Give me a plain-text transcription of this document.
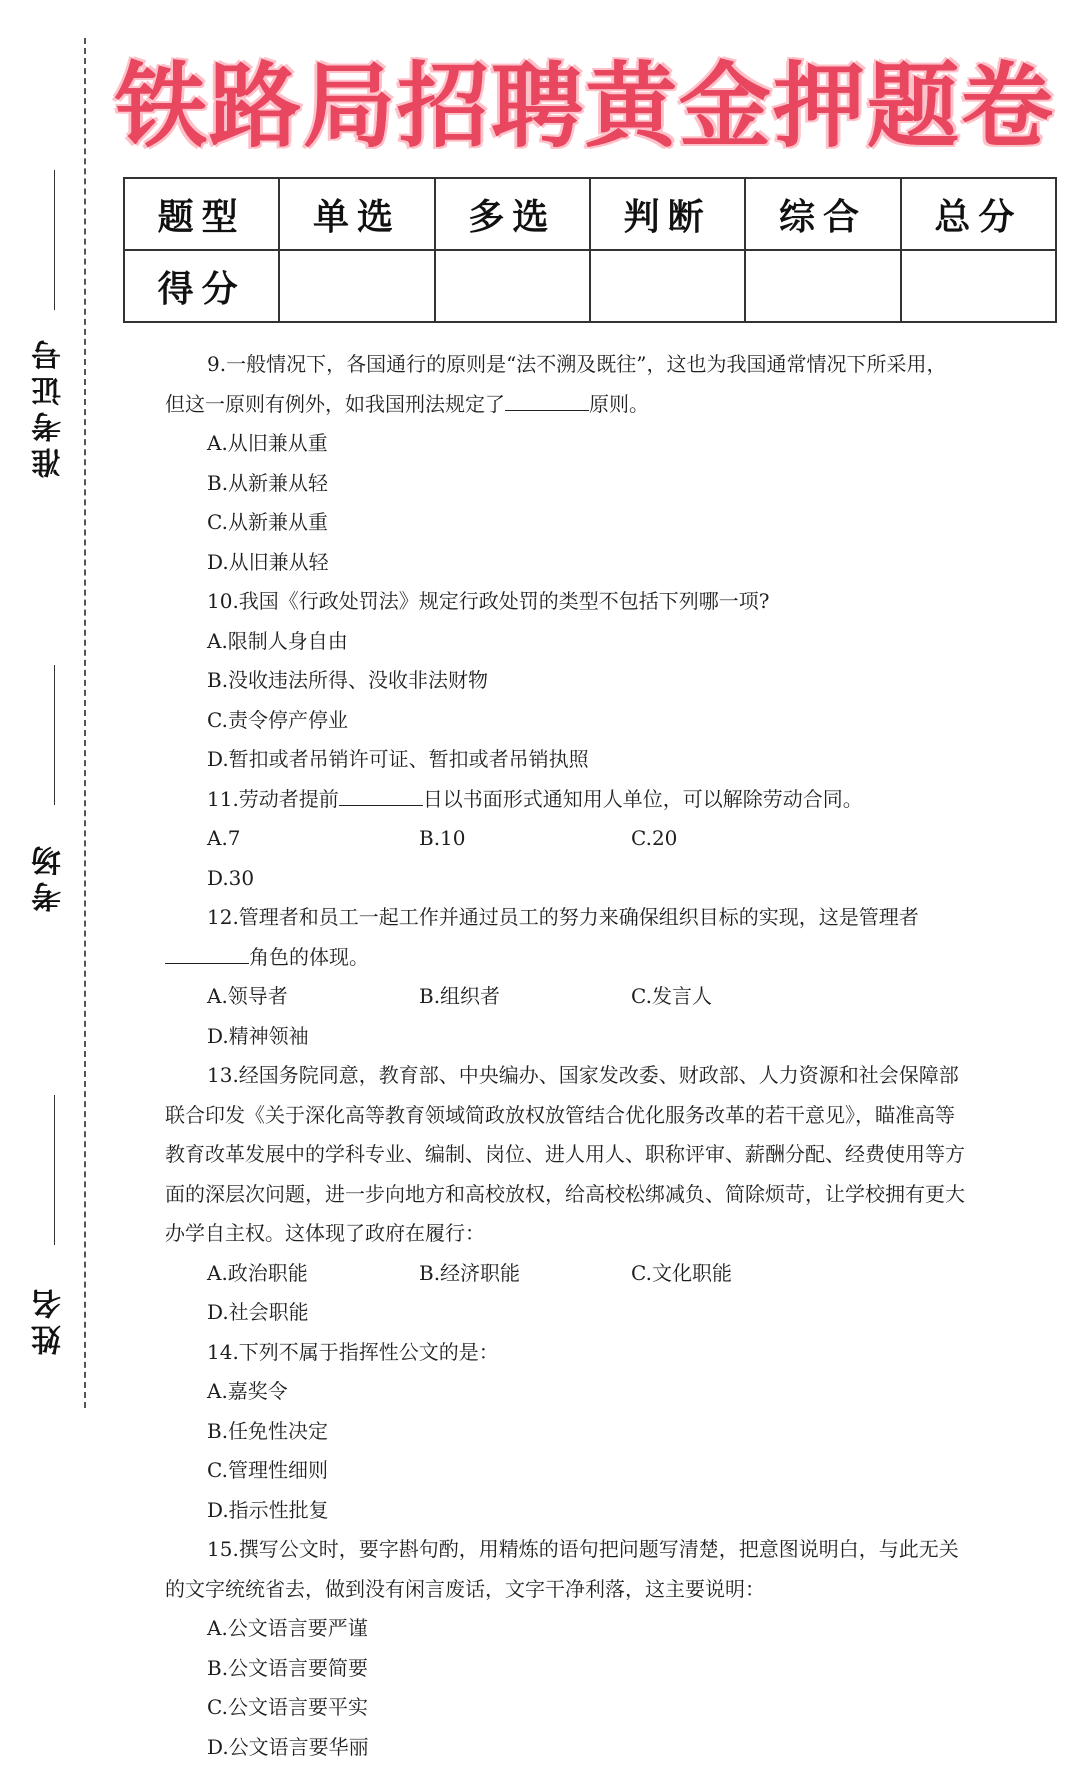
准考证号
考场
姓名
铁路局招聘黄金押题卷
题型	单选	多选	判断	综合	总分
得分					

9.一般情况下，各国通行的原则是“法不溯及既往”，这也为我国通常情况下所采用，但这一原则有例外，如我国刑法规定了	原则。

A.从旧兼从重
B.从新兼从轻
C.从新兼从重
D.从旧兼从轻

10.我国《行政处罚法》规定行政处罚的类型不包括下列哪一项?

A.限制人身自由
B.没收违法所得、没收非法财物
C.责令停产停业
D.暂扣或者吊销许可证、暂扣或者吊销执照

11.劳动者提前	日以书面形式通知用人单位，可以解除劳动合同。

A.7	B.10	C.20
D.30

12.管理者和员工一起工作并通过员工的努力来确保组织目标的实现，这是管理者角色的体现。

A.领导者	B.组织者	C.发言人
D.精神领袖

13.经国务院同意，教育部、中央编办、国家发改委、财政部、人力资源和社会保障部联合印发《关于深化高等教育领域简政放权放管结合优化服务改革的若干意见》，瞄准高等教育改革发展中的学科专业、编制、岗位、进人用人、职称评审、薪酬分配、经费使用等方面的深层次问题，进一步向地方和高校放权，给高校松绑减负、简除烦苛，让学校拥有更大办学自主权。这体现了政府在履行：

A.政治职能	B.经济职能	C.文化职能
D.社会职能

14.下列不属于指挥性公文的是：

A.嘉奖令
B.任免性决定
C.管理性细则
D.指示性批复

15.撰写公文时，要字斟句酌，用精炼的语句把问题写清楚，把意图说明白，与此无关的文字统统省去，做到没有闲言废话，文字干净利落，这主要说明：

A.公文语言要严谨
B.公文语言要简要
C.公文语言要平实
D.公文语言要华丽
